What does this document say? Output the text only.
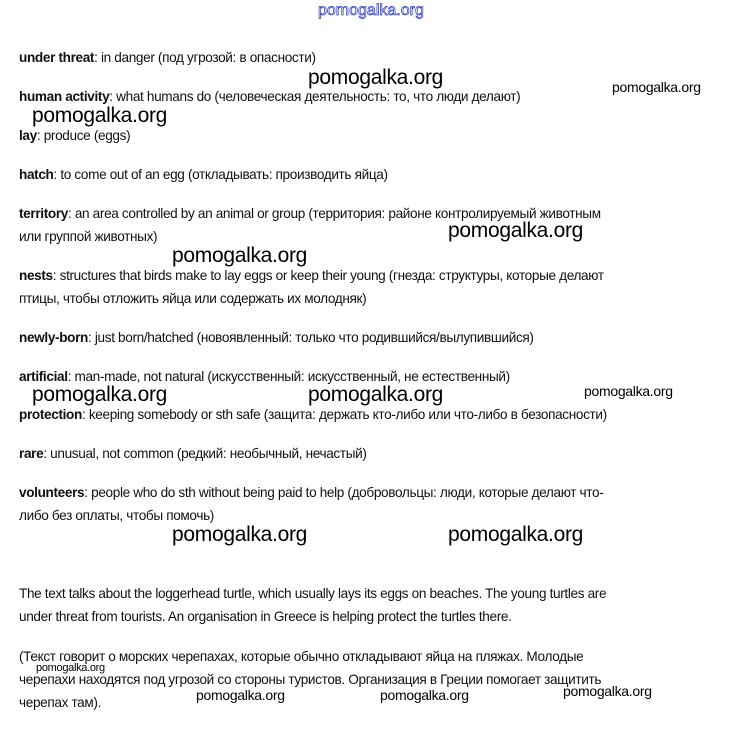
pomogalka.org
under threat: in danger (под угрозой: в опасности)
human activity: what humans do (человеческая деятельность: то, что люди делают)
lay: produce (eggs)
hatch: to come out of an egg (откладывать: производить яйца)
territory: an area controlled by an animal or group (территория: районе контролируемый животным
или группой животных)
nests: structures that birds make to lay eggs or keep their young (гнезда: структуры, которые делают
птицы, чтобы отложить яйца или содержать их молодняк)
newly-born: just born/hatched (новоявленный: только что родившийся/вылупившийся)
artificial: man-made, not natural (искусственный: искусственный, не естественный)
protection: keeping somebody or sth safe (защита: держать кто-либо или что-либо в безопасности)
rare: unusual, not common (редкий: необычный, нечастый)
volunteers: people who do sth without being paid to help (добровольцы: люди, которые делают что-
либо без оплаты, чтобы помочь)
The text talks about the loggerhead turtle, which usually lays its eggs on beaches. The young turtles are
under threat from tourists. An organisation in Greece is helping protect the turtles there.
(Текст говорит о морских черепахах, которые обычно откладывают яйца на пляжах. Молодые
черепахи находятся под угрозой со стороны туристов. Организация в Греции помогает защитить
черепах там).
pomogalka.org	pomogalka.org
pomogalka.org
pomogalka.org
pomogalka.org
pomogalka.org	pomogalka.org	pomogalka.org
pomogalka.org	pomogalka.org
pomogalka.org
pomogalka.org
pomogalka.org	pomogalka.org
